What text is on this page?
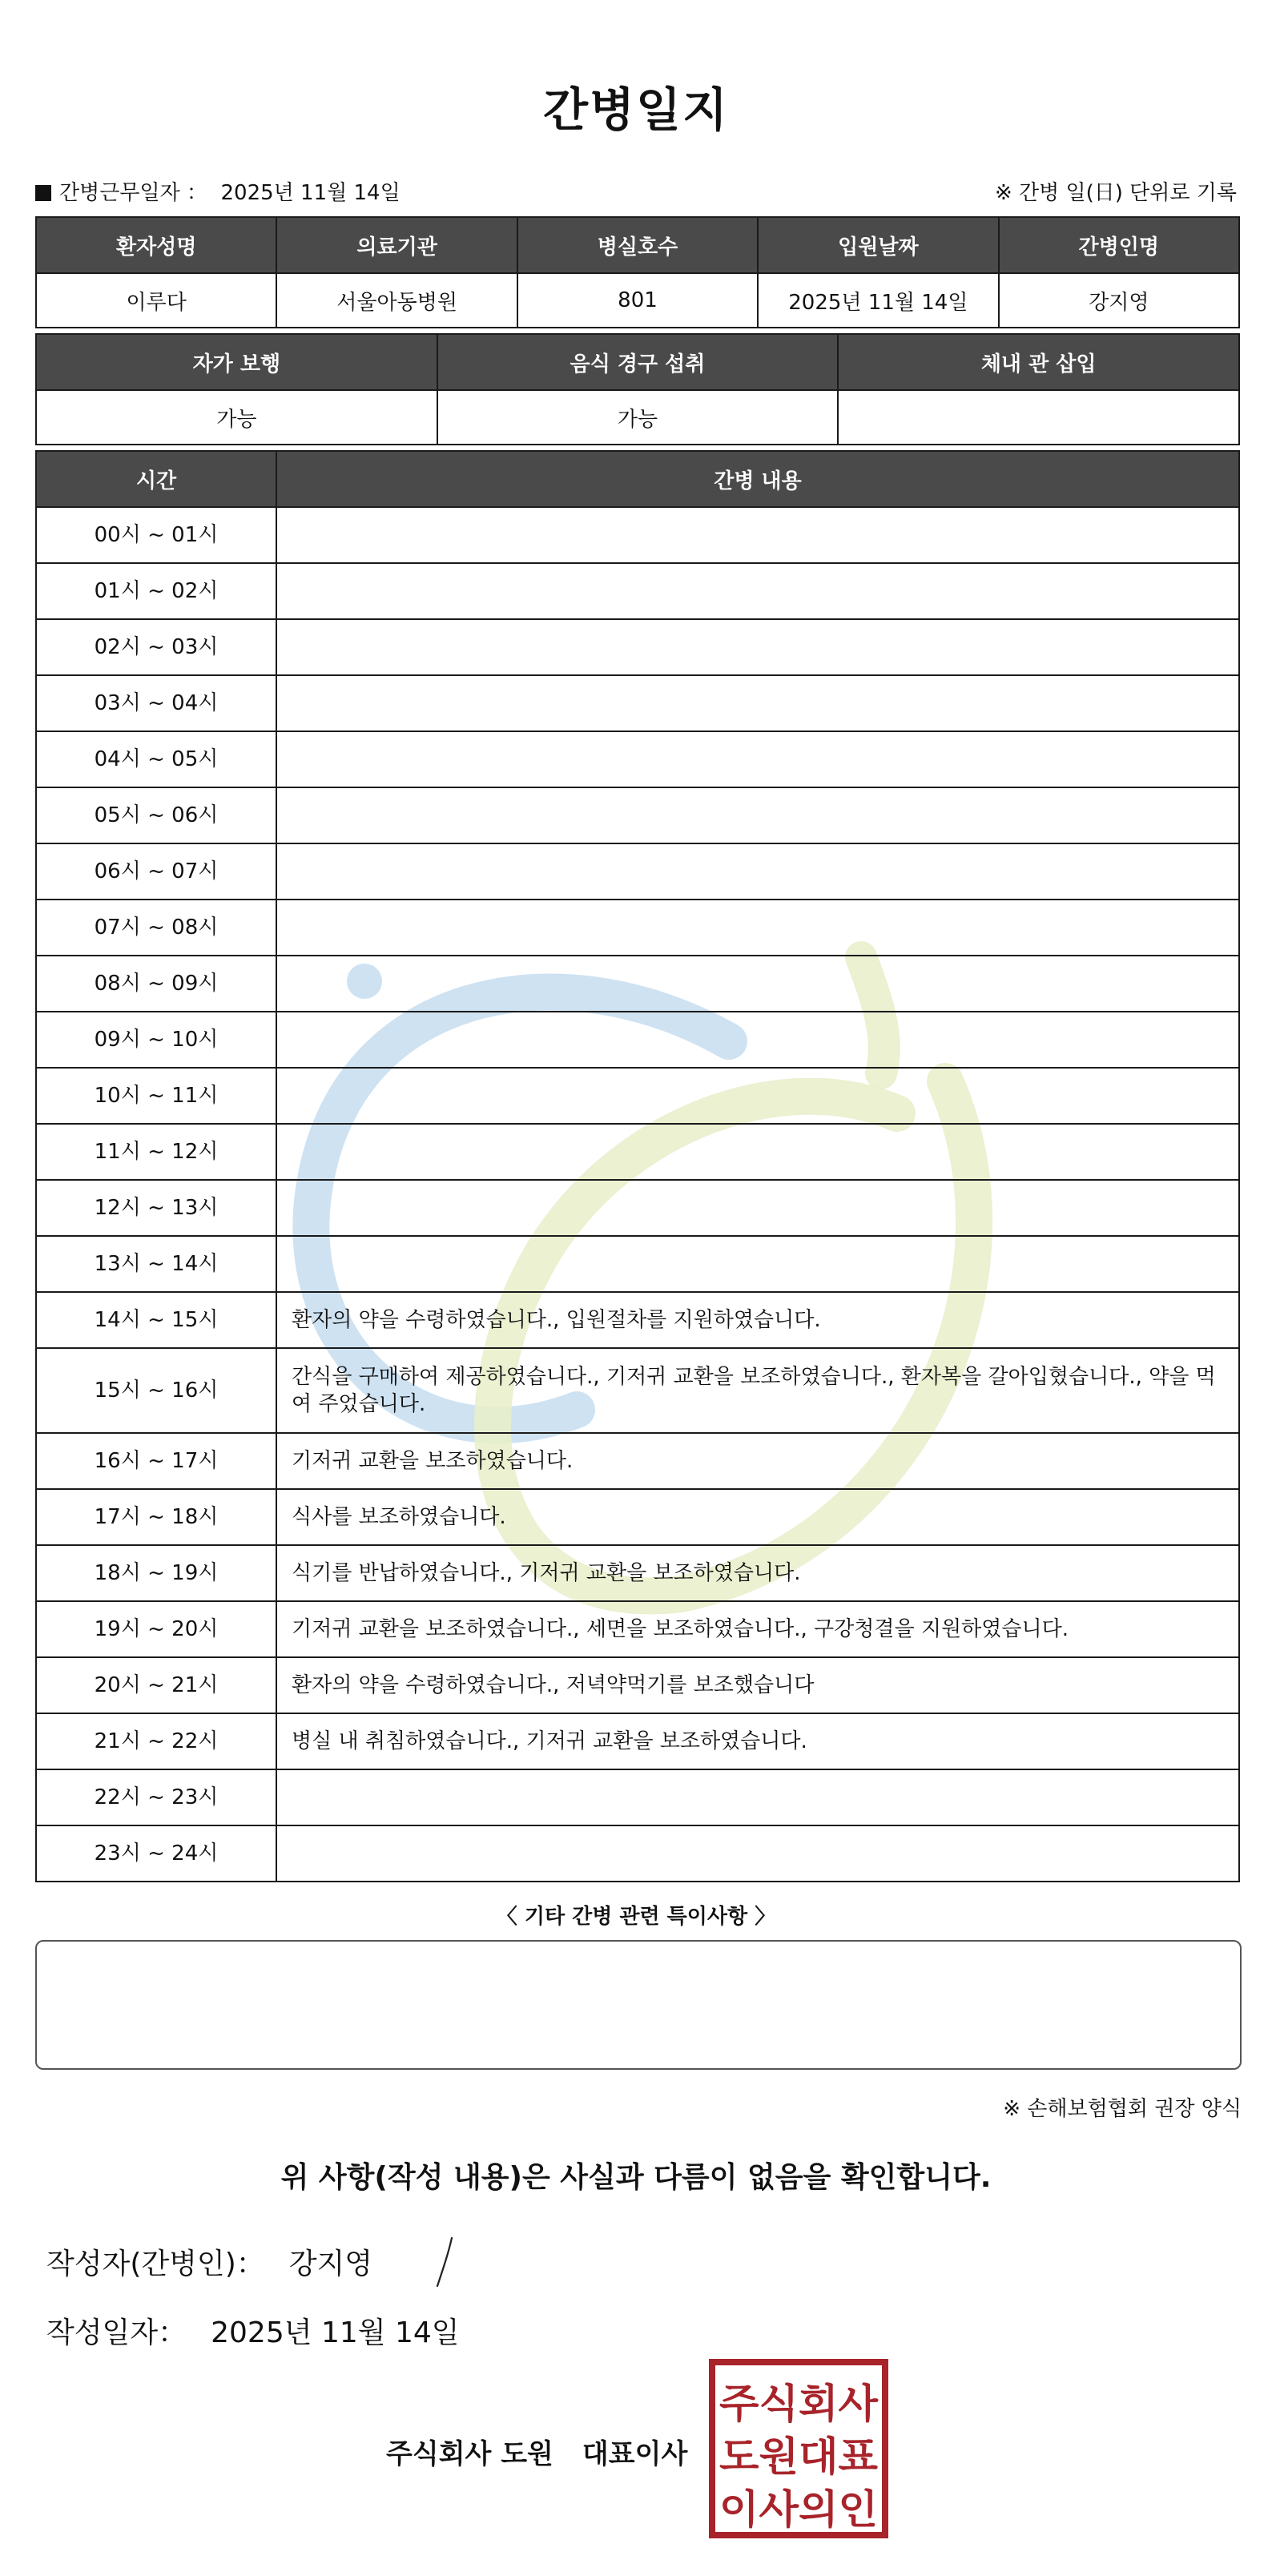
간병일지
간병근무일자 ： 2025년 11월 14일	※ 간병 일(日) 단위로 기록
환자성명	의료기관	병실호수	입원날짜	간병인명
이루다	서울아동병원	801	2025년 11월 14일	강지영
자가 보행	음식 경구 섭취	체내 관 삽입
가능	가능	
시간	간병 내용
00시 ~ 01시	
01시 ~ 02시	
02시 ~ 03시	
03시 ~ 04시	
04시 ~ 05시	
05시 ~ 06시	
06시 ~ 07시	
07시 ~ 08시	
08시 ~ 09시	
09시 ~ 10시	
10시 ~ 11시	
11시 ~ 12시	
12시 ~ 13시	
13시 ~ 14시	
14시 ~ 15시	환자의 약을 수령하였습니다., 입원절차를 지원하였습니다.
15시 ~ 16시	간식을 구매하여 제공하였습니다., 기저귀 교환을 보조하였습니다., 환자복을 갈아입혔습니다., 약을 먹여 주었습니다.
16시 ~ 17시	기저귀 교환을 보조하였습니다.
17시 ~ 18시	식사를 보조하였습니다.
18시 ~ 19시	식기를 반납하였습니다., 기저귀 교환을 보조하였습니다.
19시 ~ 20시	기저귀 교환을 보조하였습니다., 세면을 보조하였습니다., 구강청결을 지원하였습니다.
20시 ~ 21시	환자의 약을 수령하였습니다., 저녁약먹기를 보조했습니다
21시 ~ 22시	병실 내 취침하였습니다., 기저귀 교환을 보조하였습니다.
22시 ~ 23시	
23시 ~ 24시	
〈 기타 간병 관련 특이사항 〉
※ 손해보험협회 권장 양식
위 사항(작성 내용)은 사실과 다름이 없음을 확인합니다.
작성자(간병인)： 강지영
작성일자： 2025년 11월 14일
주식회사 도원 대표이사
주식회사
도원대표
이사의인
